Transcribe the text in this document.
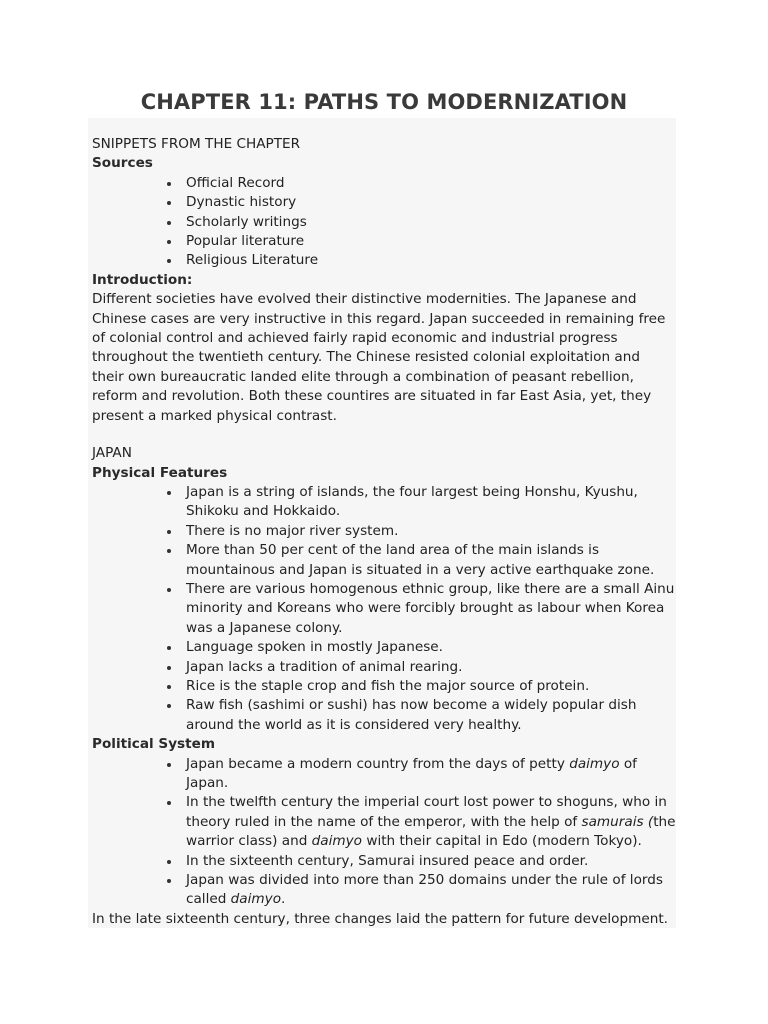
CHAPTER 11: PATHS TO MODERNIZATION

SNIPPETS FROM THE CHAPTER

Sources

Official Record
Dynastic history
Scholarly writings
Popular literature
Religious Literature

Introduction:

Different societies have evolved their distinctive modernities. The Japanese and
Chinese cases are very instructive in this regard. Japan succeeded in remaining free
of colonial control and achieved fairly rapid economic and industrial progress
throughout the twentieth century. The Chinese resisted colonial exploitation and
their own bureaucratic landed elite through a combination of peasant rebellion,
reform and revolution. Both these countires are situated in far East Asia, yet, they
present a marked physical contrast.

JAPAN

Physical Features

Japan is a string of islands, the four largest being Honshu, Kyushu,
Shikoku and Hokkaido.
There is no major river system.
More than 50 per cent of the land area of the main islands is
mountainous and Japan is situated in a very active earthquake zone.
There are various homogenous ethnic group, like there are a small Ainu
minority and Koreans who were forcibly brought as labour when Korea
was a Japanese colony.
Language spoken in mostly Japanese.
Japan lacks a tradition of animal rearing.
Rice is the staple crop and fish the major source of protein.
Raw fish (sashimi or sushi) has now become a widely popular dish
around the world as it is considered very healthy.

Political System

Japan became a modern country from the days of petty daimyo of
Japan.
In the twelfth century the imperial court lost power to shoguns, who in
theory ruled in the name of the emperor, with the help of samurais (the
warrior class) and daimyo with their capital in Edo (modern Tokyo).
In the sixteenth century, Samurai insured peace and order.
Japan was divided into more than 250 domains under the rule of lords
called daimyo.

In the late sixteenth century, three changes laid the pattern for future development.
